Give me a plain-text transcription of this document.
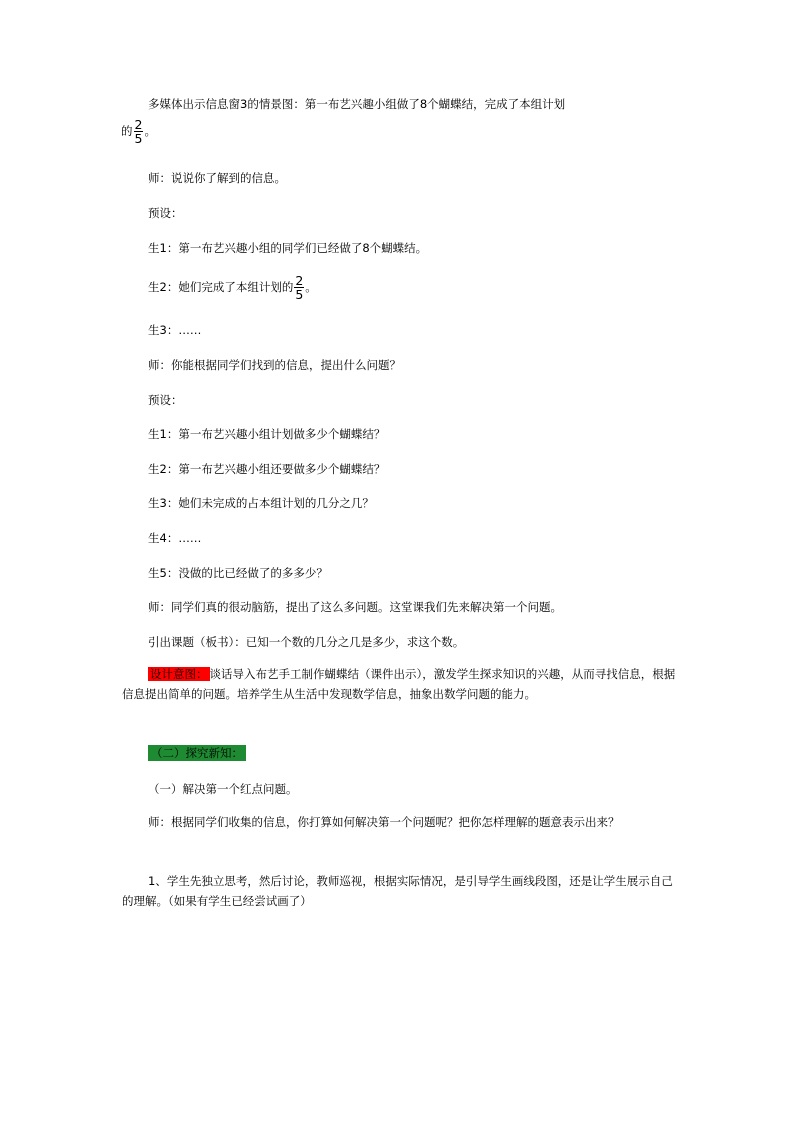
多媒体出示信息窗3的情景图：第一布艺兴趣小组做了8个蝴蝶结，完成了本组计划
的 $\frac{2}{5}$ 。
师：说说你了解到的信息。
预设：
生1：第一布艺兴趣小组的同学们已经做了8个蝴蝶结。
生2：她们完成了本组计划的 $\frac{2}{5}$ 。
生3：……
师：你能根据同学们找到的信息，提出什么问题？
预设：
生1：第一布艺兴趣小组计划做多少个蝴蝶结？
生2：第一布艺兴趣小组还要做多少个蝴蝶结？
生3：她们未完成的占本组计划的几分之几？
生4：……
生5：没做的比已经做了的多多少？
师：同学们真的很动脑筋，提出了这么多问题。这堂课我们先来解决第一个问题。
引出课题（板书）：已知一个数的几分之几是多少，求这个数。
设计意图： 谈话导入布艺手工制作蝴蝶结（课件出示），激发学生探求知识的兴趣，从而寻找信息，根据信息提出简单的问题。培养学生从生活中发现数学信息，抽象出数学问题的能力。
（二）探究新知：
（一）解决第一个红点问题。
师：根据同学们收集的信息，你打算如何解决第一个问题呢？把你怎样理解的题意表示出来？
1、学生先独立思考，然后讨论，教师巡视，根据实际情况，是引导学生画线段图，还是让学生展示自己的理解。（如果有学生已经尝试画了）
